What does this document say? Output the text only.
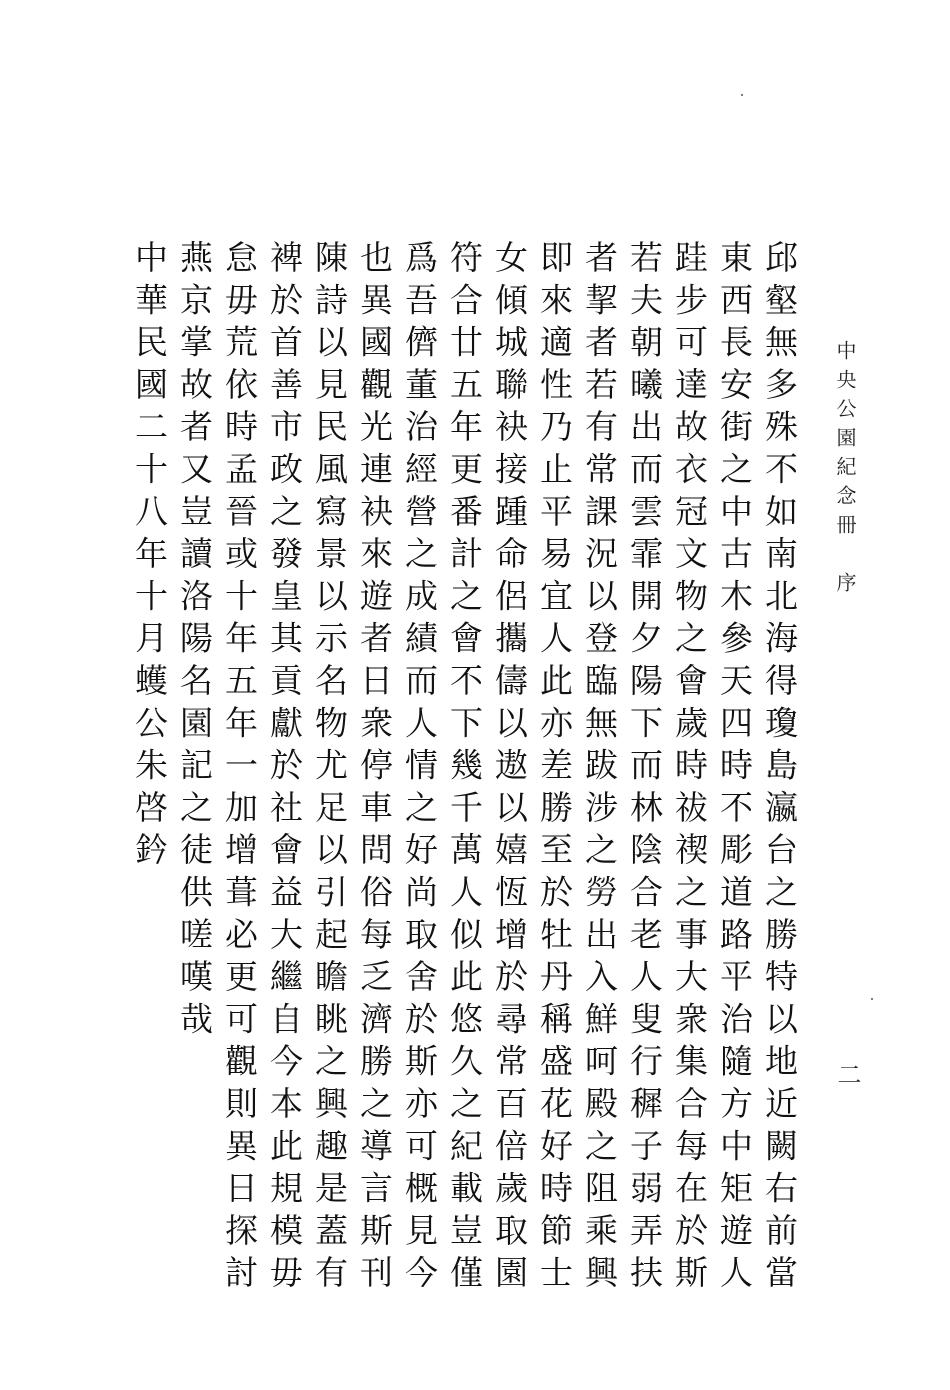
中央公園紀念冊　序
二
邱壑無多殊不如南北海得瓊島瀛台之勝特以地近闕右前當
東西長安街之中古木參天四時不彫道路平治隨方中矩遊人
跬步可達故衣冠文物之會歲時祓禊之事大衆集合每在於斯
若夫朝曦出而雲霏開夕陽下而林陰合老人叟行穉子弱弄扶
者挈者若有常課況以登臨無跋涉之勞出入鮮呵殿之阻乘興
即來適性乃止平易宜人此亦差勝至於牡丹稱盛花好時節士
女傾城聯袂接踵命侶攜儔以遨以嬉恆增於尋常百倍歲取園
符合廿五年更番計之會不下幾千萬人似此悠久之紀載豈僅
爲吾儕董治經營之成績而人情之好尚取舍於斯亦可概見今
也異國觀光連袂來遊者日衆停車問俗每乏濟勝之導言斯刊
陳詩以見民風寫景以示名物尤足以引起瞻眺之興趣是蓋有
裨於首善市政之發皇其貢獻於社會益大繼自今本此規模毋
怠毋荒依時孟晉或十年五年一加增葺必更可觀則異日探討
燕京掌故者又豈讀洛陽名園記之徒供嗟嘆哉
中華民國二十八年十月蠖公朱啓鈐
